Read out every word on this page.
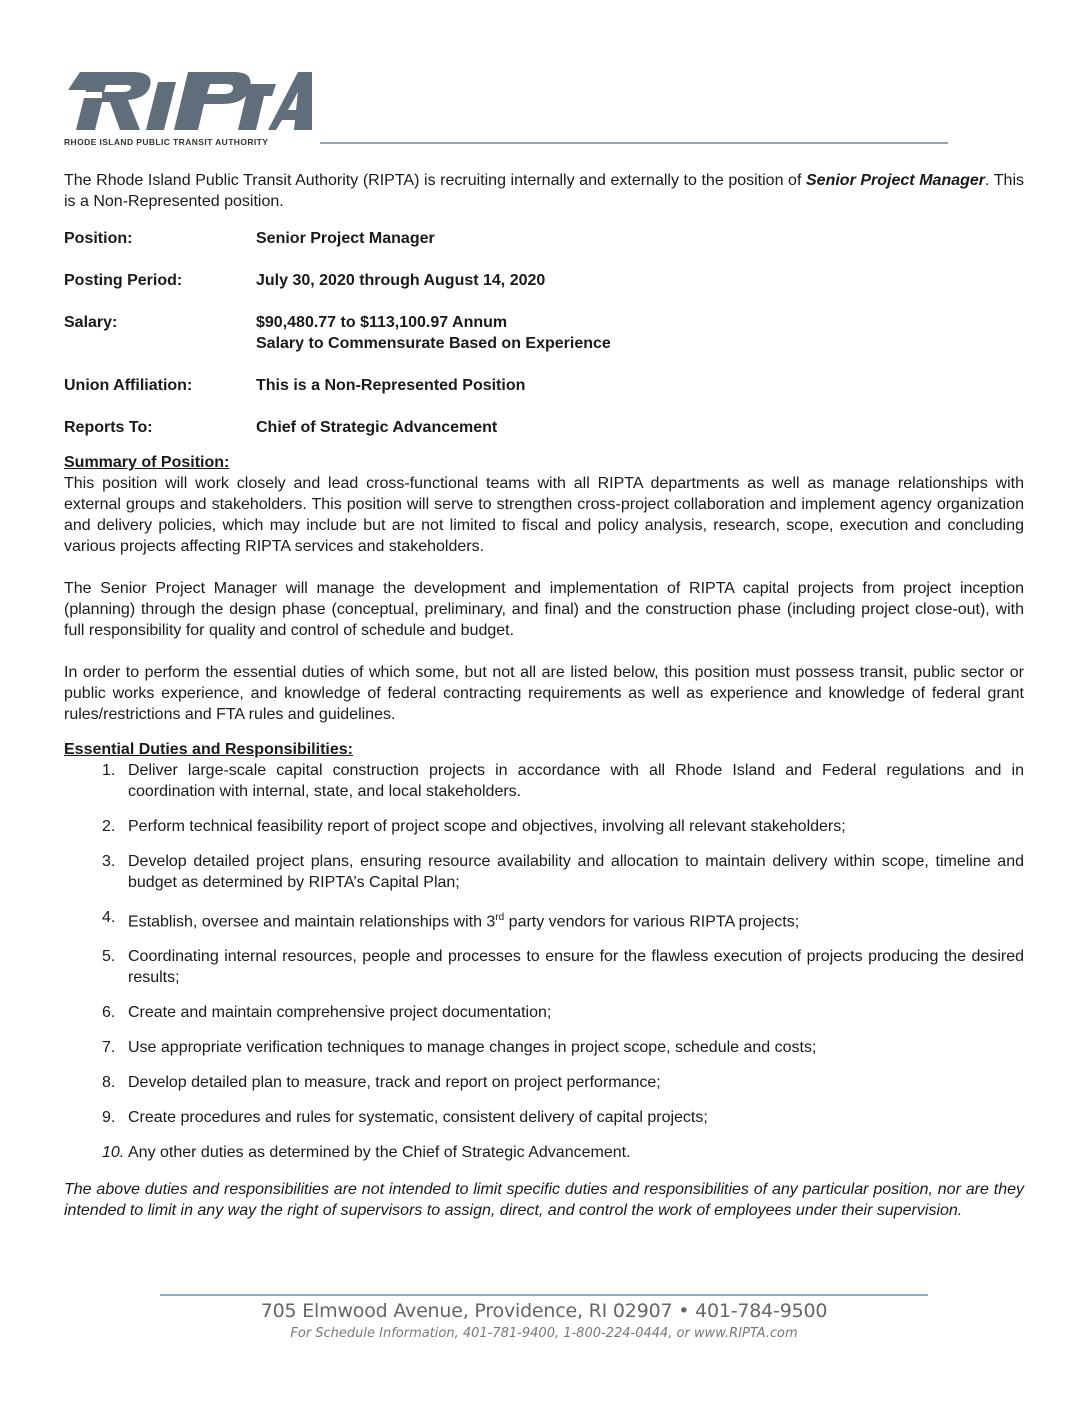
RHODE ISLAND PUBLIC TRANSIT AUTHORITY

The Rhode Island Public Transit Authority (RIPTA) is recruiting internally and externally to the position of Senior Project Manager. This is a Non-Represented position.

Position:	Senior Project Manager
Posting Period:	July 30, 2020 through August 14, 2020
Salary:	$90,480.77 to $113,100.97 Annum
Salary to Commensurate Based on Experience
Union Affiliation:	This is a Non-Represented Position
Reports To:	Chief of Strategic Advancement

Summary of Position:

This position will work closely and lead cross-functional teams with all RIPTA departments as well as manage relationships with external groups and stakeholders. This position will serve to strengthen cross-project collaboration and implement agency organization and delivery policies, which may include but are not limited to fiscal and policy analysis, research, scope, execution and concluding various projects affecting RIPTA services and stakeholders.

The Senior Project Manager will manage the development and implementation of RIPTA capital projects from project inception (planning) through the design phase (conceptual, preliminary, and final) and the construction phase (including project close-out), with full responsibility for quality and control of schedule and budget.

In order to perform the essential duties of which some, but not all are listed below, this position must possess transit, public sector or public works experience, and knowledge of federal contracting requirements as well as experience and knowledge of federal grant rules/restrictions and FTA rules and guidelines.

Essential Duties and Responsibilities:

1. Deliver large-scale capital construction projects in accordance with all Rhode Island and Federal regulations and in coordination with internal, state, and local stakeholders.
2. Perform technical feasibility report of project scope and objectives, involving all relevant stakeholders;
3. Develop detailed project plans, ensuring resource availability and allocation to maintain delivery within scope, timeline and budget as determined by RIPTA’s Capital Plan;
4. Establish, oversee and maintain relationships with 3rd party vendors for various RIPTA projects;
5. Coordinating internal resources, people and processes to ensure for the flawless execution of projects producing the desired results;
6. Create and maintain comprehensive project documentation;
7. Use appropriate verification techniques to manage changes in project scope, schedule and costs;
8. Develop detailed plan to measure, track and report on project performance;
9. Create procedures and rules for systematic, consistent delivery of capital projects;
10. Any other duties as determined by the Chief of Strategic Advancement.

The above duties and responsibilities are not intended to limit specific duties and responsibilities of any particular position, nor are they intended to limit in any way the right of supervisors to assign, direct, and control the work of employees under their supervision.

705 Elmwood Avenue, Providence, RI 02907 • 401-784-9500
For Schedule Information, 401-781-9400, 1-800-224-0444, or www.RIPTA.com
